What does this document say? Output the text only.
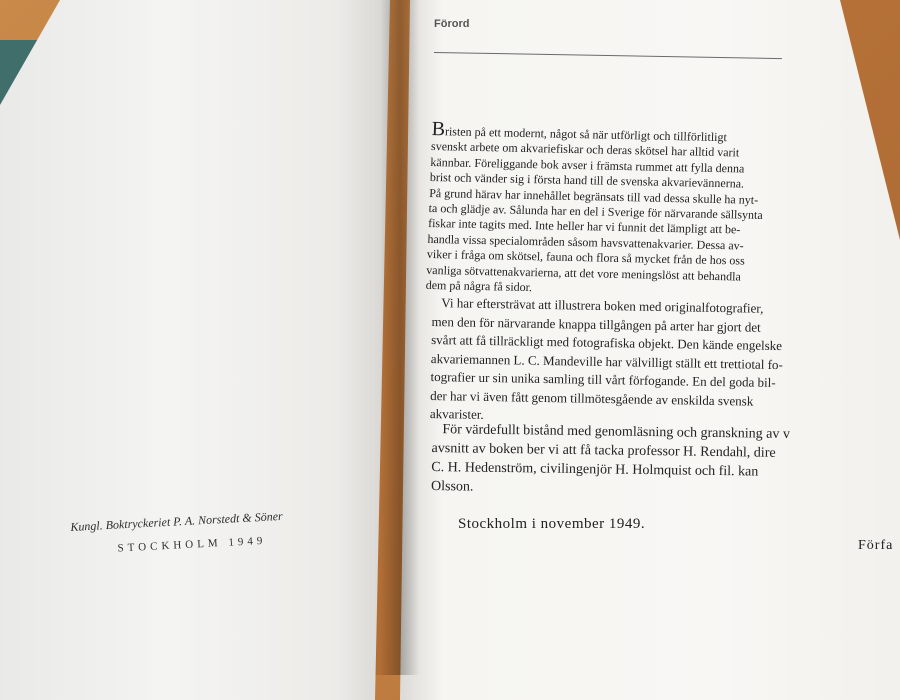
Kungl. Boktryckeriet P. A. Norstedt & Söner
STOCKHOLM 1949
Förord
Bristen på ett modernt, något så när utförligt och tillförlitligt
svenskt arbete om akvariefiskar och deras skötsel har alltid varit
kännbar. Föreliggande bok avser i främsta rummet att fylla denna
brist och vänder sig i första hand till de svenska akvarievännerna.
På grund härav har innehållet begränsats till vad dessa skulle ha nyt-
ta och glädje av. Sålunda har en del i Sverige för närvarande sällsynta
fiskar inte tagits med. Inte heller har vi funnit det lämpligt att be-
handla vissa specialområden såsom havsvattenakvarier. Dessa av-
viker i fråga om skötsel, fauna och flora så mycket från de hos oss
vanliga sötvattenakvarierna, att det vore meningslöst att behandla
dem på några få sidor.
Vi har eftersträvat att illustrera boken med originalfotografier,
men den för närvarande knappa tillgången på arter har gjort det
svårt att få tillräckligt med fotografiska objekt. Den kände engelske
akvariemannen L. C. Mandeville har välvilligt ställt ett trettiotal fo-
tografier ur sin unika samling till vårt förfogande. En del goda bil-
der har vi även fått genom tillmötesgående av enskilda svensk
akvarister.
För värdefullt bistånd med genomläsning och granskning av v
avsnitt av boken ber vi att få tacka professor H. Rendahl, dire
C. H. Hedenström, civilingenjör H. Holmquist och fil. kan
Olsson.
Stockholm i november 1949.
Förfa
